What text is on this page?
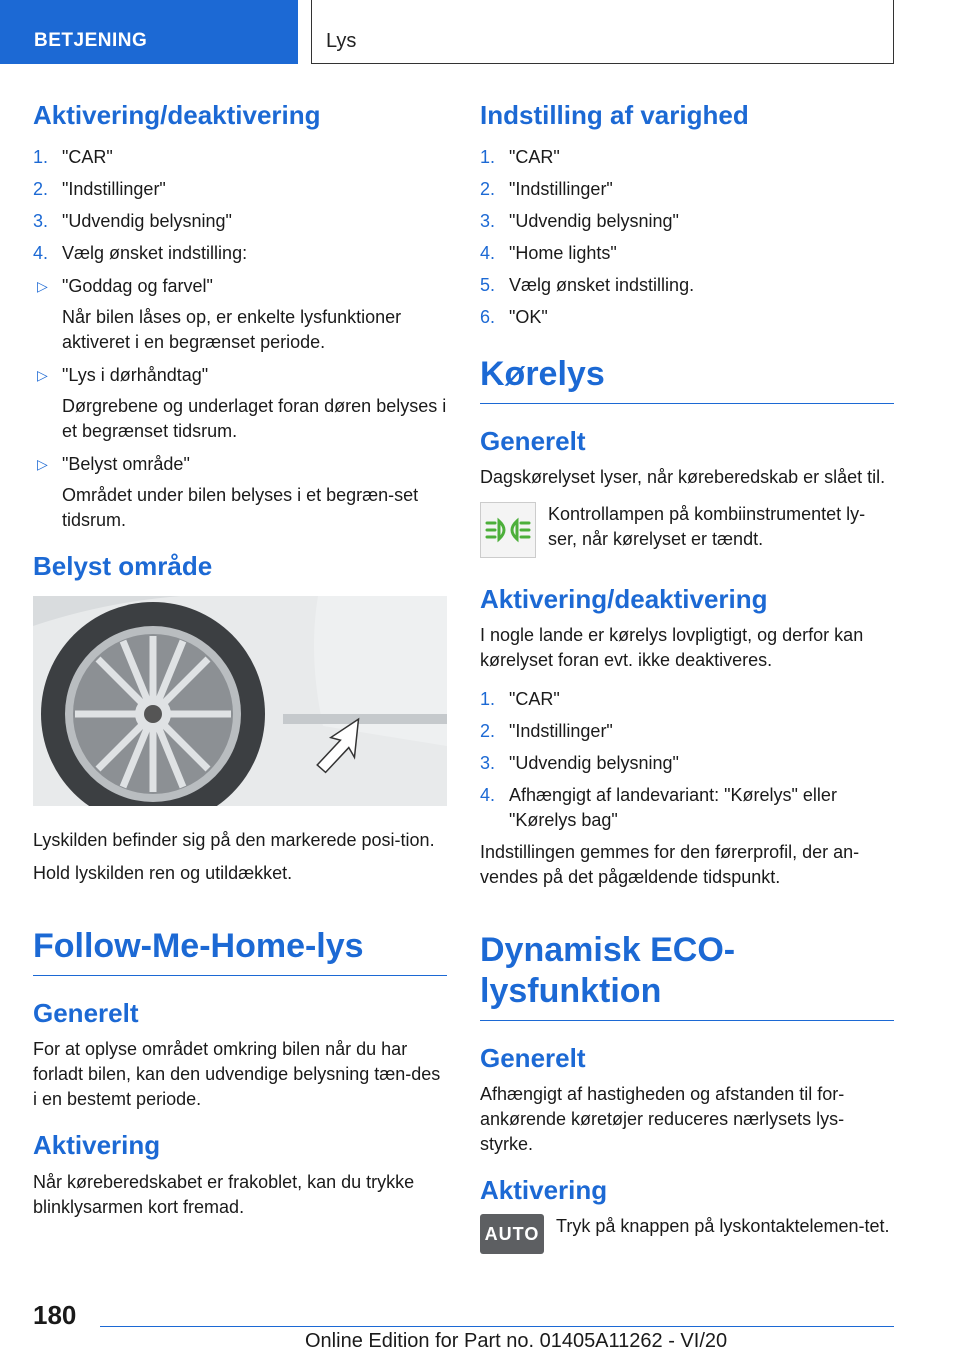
BETJENING	Lys
Aktivering/deaktivering
1. "CAR"
2. "Indstillinger"
3. "Udvendig belysning"
4. Vælg ønsket indstilling:
▷ "Goddag og farvel"
Når bilen låses op, er enkelte lysfunktioner aktiveret i en begrænset periode.
▷ "Lys i dørhåndtag"
Dørgrebene og underlaget foran døren belyses i et begrænset tidsrum.
▷ "Belyst område"
Området under bilen belyses i et begræn‐set tidsrum.
Belyst område

Lyskilden befinder sig på den markerede posi‐tion.

Hold lyskilden ren og utildækket.

Follow-Me-Home-lys
Generelt

For at oplyse området omkring bilen når du har forladt bilen, kan den udvendige belysning tæn‐des i en bestemt periode.

Aktivering

Når køreberedskabet er frakoblet, kan du trykke blinklysarmen kort fremad.

Indstilling af varighed
1. "CAR"
2. "Indstillinger"
3. "Udvendig belysning"
4. "Home lights"
5. Vælg ønsket indstilling.
6. "OK"
Kørelys
Generelt

Dagskørelyset lyser, når køreberedskab er slået til.

Kontrollampen på kombiinstrumentet ly‐ser, når kørelyset er tændt.

Aktivering/deaktivering

I nogle lande er kørelys lovpligtigt, og derfor kan kørelyset foran evt. ikke deaktiveres.

1. "CAR"
2. "Indstillinger"
3. "Udvendig belysning"
4. Afhængigt af landevariant: "Kørelys" eller "Kørelys bag"

Indstillingen gemmes for den førerprofil, der an‐vendes på det pågældende tidspunkt.

Dynamisk ECO-lysfunktion
Generelt

Afhængigt af hastigheden og afstanden til for‐ankørende køretøjer reduceres nærlysets lys‐styrke.

Aktivering
AUTO Tryk på knappen på lyskontaktelemen‐tet.

180
Online Edition for Part no. 01405A11262 - VI/20
